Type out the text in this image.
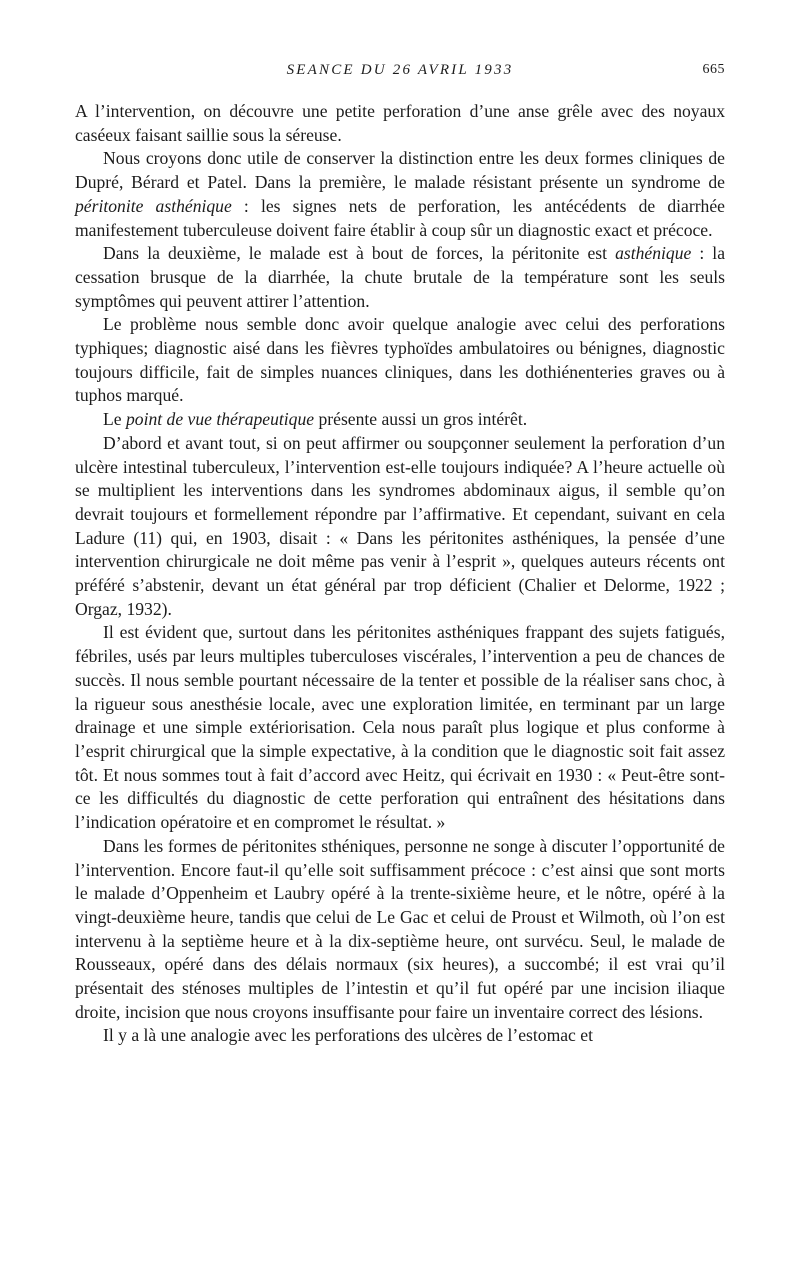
SEANCE DU 26 AVRIL 1933	665

A l’intervention, on découvre une petite perforation d’une anse grêle avec des noyaux caséeux faisant saillie sous la séreuse.

Nous croyons donc utile de conserver la distinction entre les deux formes cliniques de Dupré, Bérard et Patel. Dans la première, le malade résistant présente un syndrome de péritonite asthénique : les signes nets de perforation, les antécédents de diarrhée manifestement tuberculeuse doivent faire établir à coup sûr un diagnostic exact et précoce.

Dans la deuxième, le malade est à bout de forces, la péritonite est asthénique : la cessation brusque de la diarrhée, la chute brutale de la température sont les seuls symptômes qui peuvent attirer l’attention.

Le problème nous semble donc avoir quelque analogie avec celui des perforations typhiques; diagnostic aisé dans les fièvres typhoïdes ambulatoires ou bénignes, diagnostic toujours difficile, fait de simples nuances cliniques, dans les dothiénenteries graves ou à tuphos marqué.

Le point de vue thérapeutique présente aussi un gros intérêt.

D’abord et avant tout, si on peut affirmer ou soupçonner seulement la perforation d’un ulcère intestinal tuberculeux, l’intervention est-elle toujours indiquée? A l’heure actuelle où se multiplient les interventions dans les syndromes abdominaux aigus, il semble qu’on devrait toujours et formellement répondre par l’affirmative. Et cependant, suivant en cela Ladure (11) qui, en 1903, disait : « Dans les péritonites asthéniques, la pensée d’une intervention chirurgicale ne doit même pas venir à l’esprit », quelques auteurs récents ont préféré s’abstenir, devant un état général par trop déficient (Chalier et Delorme, 1922 ; Orgaz, 1932).

Il est évident que, surtout dans les péritonites asthéniques frappant des sujets fatigués, fébriles, usés par leurs multiples tuberculoses viscérales, l’intervention a peu de chances de succès. Il nous semble pourtant nécessaire de la tenter et possible de la réaliser sans choc, à la rigueur sous anesthésie locale, avec une exploration limitée, en terminant par un large drainage et une simple extériorisation. Cela nous paraît plus logique et plus conforme à l’esprit chirurgical que la simple expectative, à la condition que le diagnostic soit fait assez tôt. Et nous sommes tout à fait d’accord avec Heitz, qui écrivait en 1930 : « Peut-être sont-ce les difficultés du diagnostic de cette perforation qui entraînent des hésitations dans l’indication opératoire et en compromet le résultat. »

Dans les formes de péritonites sthéniques, personne ne songe à discuter l’opportunité de l’intervention. Encore faut-il qu’elle soit suffisamment précoce : c’est ainsi que sont morts le malade d’Oppenheim et Laubry opéré à la trente-sixième heure, et le nôtre, opéré à la vingt-deuxième heure, tandis que celui de Le Gac et celui de Proust et Wilmoth, où l’on est intervenu à la septième heure et à la dix-septième heure, ont survécu. Seul, le malade de Rousseaux, opéré dans des délais normaux (six heures), a succombé; il est vrai qu’il présentait des sténoses multiples de l’intestin et qu’il fut opéré par une incision iliaque droite, incision que nous croyons insuffisante pour faire un inventaire correct des lésions.

Il y a là une analogie avec les perforations des ulcères de l’estomac et
